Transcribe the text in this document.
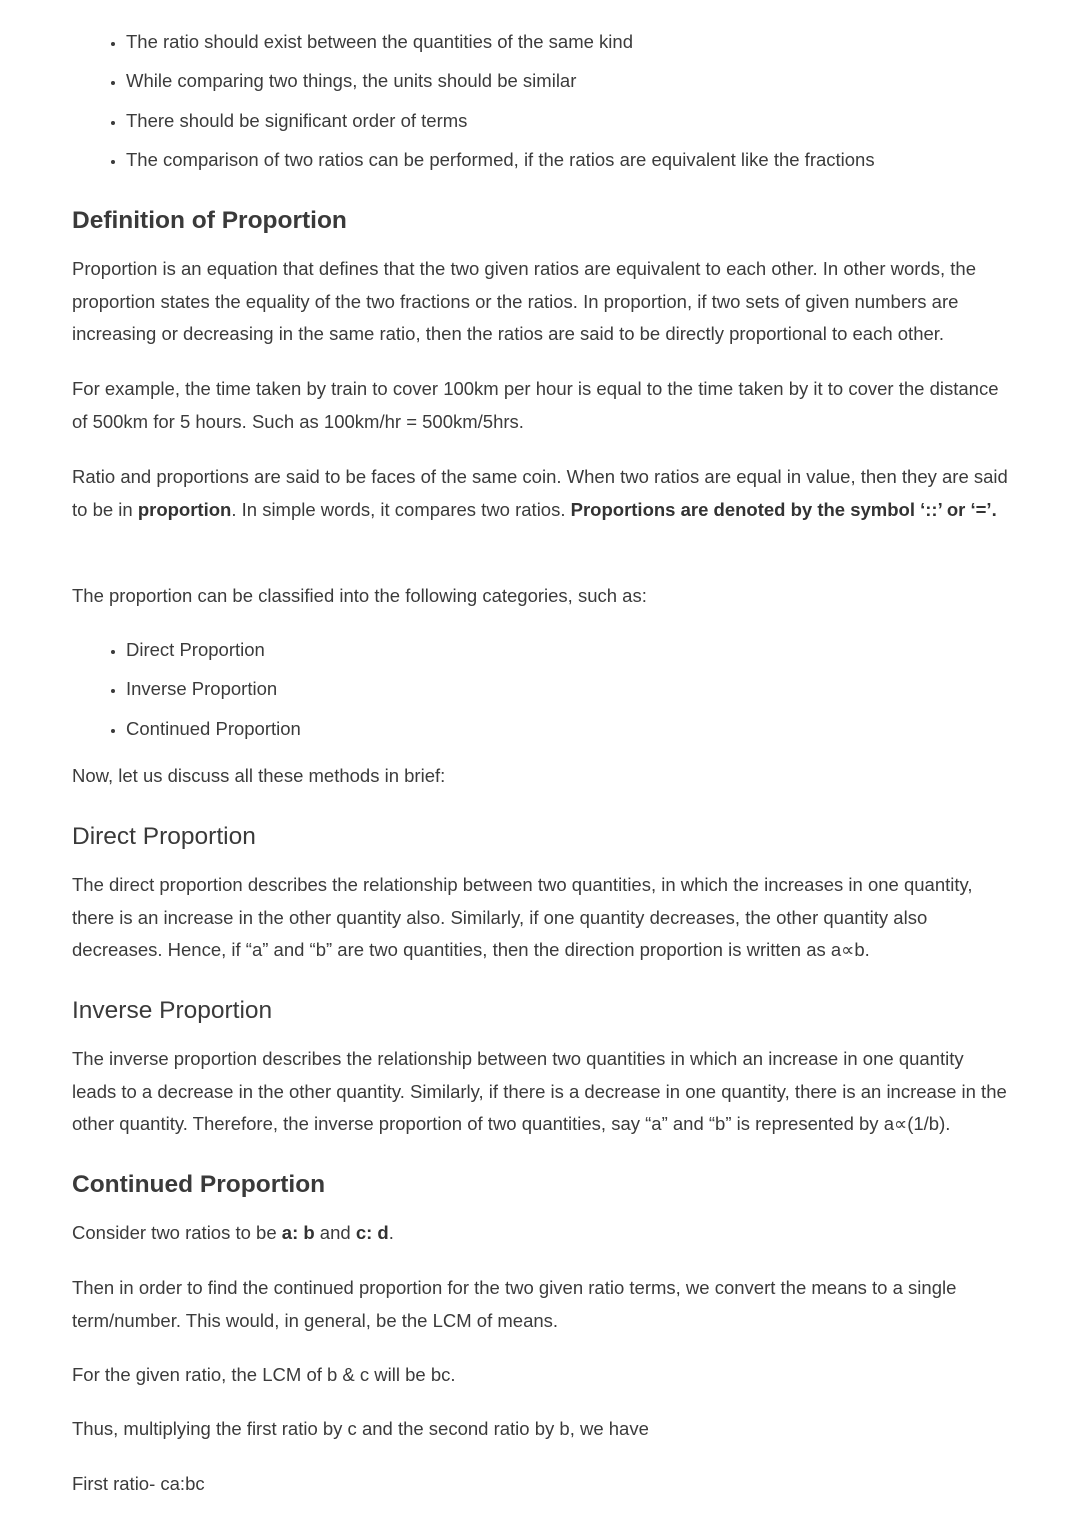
• The ratio should exist between the quantities of the same kind
• While comparing two things, the units should be similar
• There should be significant order of terms
• The comparison of two ratios can be performed, if the ratios are equivalent like the fractions
Definition of Proportion

Proportion is an equation that defines that the two given ratios are equivalent to each other. In other words, the proportion states the equality of the two fractions or the ratios. In proportion, if two sets of given numbers are increasing or decreasing in the same ratio, then the ratios are said to be directly proportional to each other.

For example, the time taken by train to cover 100km per hour is equal to the time taken by it to cover the distance of 500km for 5 hours. Such as 100km/hr = 500km/5hrs.

Ratio and proportions are said to be faces of the same coin. When two ratios are equal in value, then they are said to be in proportion. In simple words, it compares two ratios. Proportions are denoted by the symbol ‘::’ or ‘=’.

The proportion can be classified into the following categories, such as:

• Direct Proportion
• Inverse Proportion
• Continued Proportion

Now, let us discuss all these methods in brief:

Direct Proportion

The direct proportion describes the relationship between two quantities, in which the increases in one quantity, there is an increase in the other quantity also. Similarly, if one quantity decreases, the other quantity also decreases. Hence, if “a” and “b” are two quantities, then the direction proportion is written as a∝b.

Inverse Proportion

The inverse proportion describes the relationship between two quantities in which an increase in one quantity leads to a decrease in the other quantity. Similarly, if there is a decrease in one quantity, there is an increase in the other quantity. Therefore, the inverse proportion of two quantities, say “a” and “b” is represented by a∝(1/b).

Continued Proportion

Consider two ratios to be a: b and c: d.

Then in order to find the continued proportion for the two given ratio terms, we convert the means to a single term/number. This would, in general, be the LCM of means.

For the given ratio, the LCM of b & c will be bc.

Thus, multiplying the first ratio by c and the second ratio by b, we have

First ratio- ca:bc
